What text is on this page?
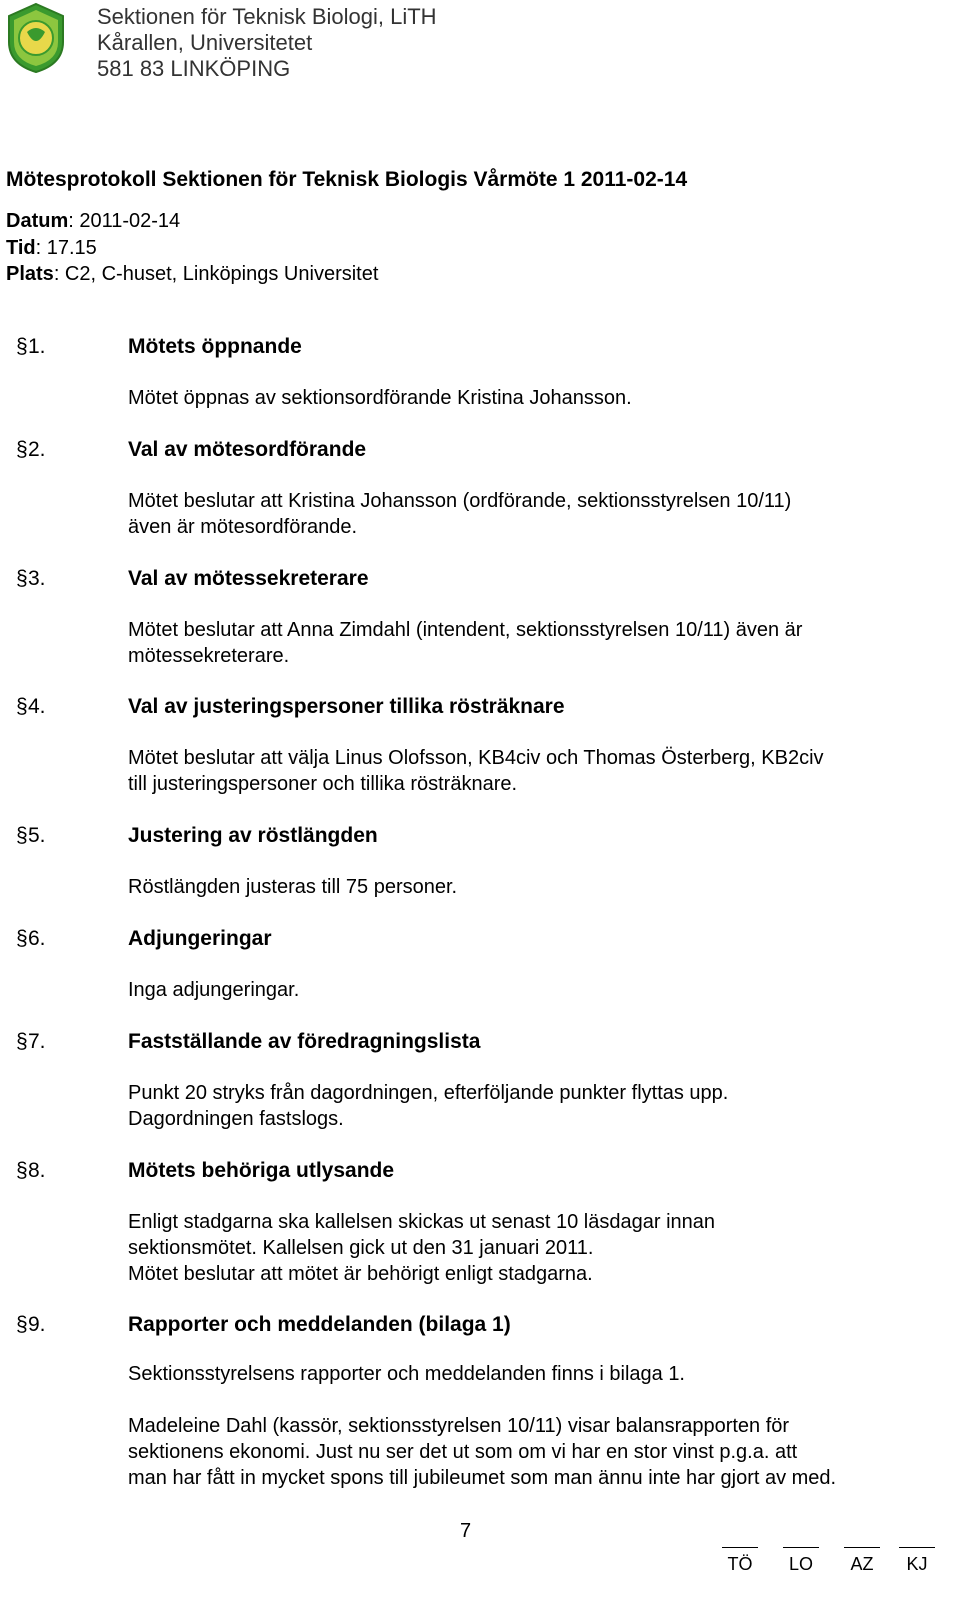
Sektionen för Teknisk Biologi, LiTH
Kårallen, Universitetet
581 83 LINKÖPING
Mötesprotokoll Sektionen för Teknisk Biologis Vårmöte 1 2011-02-14
Datum: 2011-02-14
Tid: 17.15
Plats: C2, C-huset, Linköpings Universitet
§ 1.	Mötets öppnande

Mötet öppnas av sektionsordförande Kristina Johansson.

§ 2.	Val av mötesordförande

Mötet beslutar att Kristina Johansson (ordförande, sektionsstyrelsen 10/11)

även är mötesordförande.

§ 3.	Val av mötessekreterare

Mötet beslutar att Anna Zimdahl (intendent, sektionsstyrelsen 10/11) även är

mötessekreterare.

§ 4.	Val av justeringspersoner tillika rösträknare

Mötet beslutar att välja Linus Olofsson, KB4civ och Thomas Österberg, KB2civ

till justeringspersoner och tillika rösträknare.

§ 5.	Justering av röstlängden

Röstlängden justeras till 75 personer.

§ 6.	Adjungeringar

Inga adjungeringar.

§ 7.	Fastställande av föredragningslista

Punkt 20 stryks från dagordningen, efterföljande punkter flyttas upp.

Dagordningen fastslogs.

§ 8.	Mötets behöriga utlysande

Enligt stadgarna ska kallelsen skickas ut senast 10 läsdagar innan

sektionsmötet. Kallelsen gick ut den 31 januari 2011.

Mötet beslutar att mötet är behörigt enligt stadgarna.

§ 9.	Rapporter och meddelanden (bilaga 1)

Sektionsstyrelsens rapporter och meddelanden finns i bilaga 1.

Madeleine Dahl (kassör, sektionsstyrelsen 10/11) visar balansrapporten för

sektionens ekonomi. Just nu ser det ut som om vi har en stor vinst p.g.a. att

man har fått in mycket spons till jubileumet som man ännu inte har gjort av med.

7
TÖ	LO	AZ	KJ
